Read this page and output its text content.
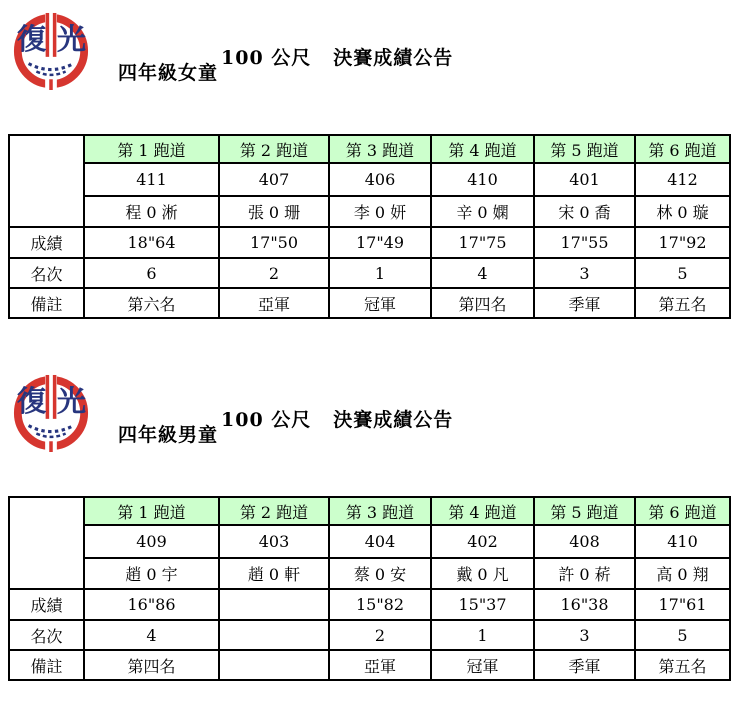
復 光
四年級女童
100 公尺 決賽成績公告
	第 1 跑道	第 2 跑道	第 3 跑道	第 4 跑道	第 5 跑道	第 6 跑道
	411	407	406	410	401	412
	程 0 淅	張 0 珊	李 0 妍	辛 0 嫻	宋 0 喬	林 0 璇
成績	18"64	17"50	17"49	17"75	17"55	17"92
名次	6	2	1	4	3	5
備註	第六名	亞軍	冠軍	第四名	季軍	第五名
復 光
四年級男童
100 公尺 決賽成績公告
	第 1 跑道	第 2 跑道	第 3 跑道	第 4 跑道	第 5 跑道	第 6 跑道
	409	403	404	402	408	410
	趙 0 宇	趙 0 軒	蔡 0 安	戴 0 凡	許 0 菥	高 0 翔
成績	16"86		15"82	15"37	16"38	17"61
名次	4		2	1	3	5
備註	第四名		亞軍	冠軍	季軍	第五名
